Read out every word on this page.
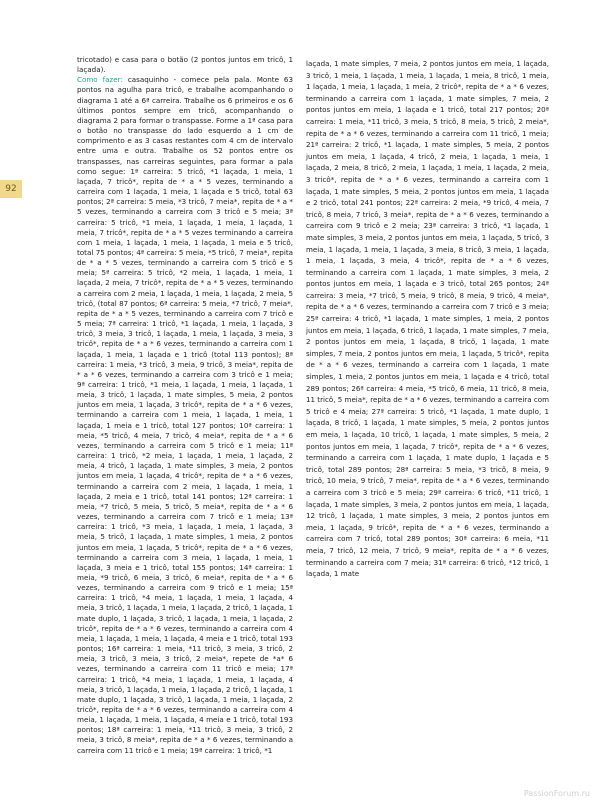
92

tricotado) e casa para o botão (2 pontos juntos em tricô, 1 laçada).

Como fazer: casaquinho - comece pela pala. Monte 63 pontos na agulha para tricô, e trabalhe acompanhando o diagrama 1 até a 6ª carreira. Trabalhe os 6 primeiros e os 6 últimos pontos sempre em tricô, acompanhando o diagrama 2 para formar o transpasse. Forme a 1ª casa para o botão no transpasse do lado esquerdo a 1 cm de comprimento e as 3 casas restantes com 4 cm de intervalo entre uma e outra. Trabalhe os 52 pontos entre os transpasses, nas carreiras seguintes, para formar a pala como segue: 1ª carreira: 5 tricô, *1 laçada, 1 meia, 1 laçada, 7 tricô*, repita de * a * 5 vezes, terminando a carreira com 1 laçada, 1 meia, 1 laçada e 5 tricô, total 63 pontos; 2ª carreira: 5 meia, *3 tricô, 7 meia*, repita de * a * 5 vezes, terminando a carreira com 3 tricô e 5 meia; 3ª carreira: 5 tricô, *1 meia, 1 laçada, 1 meia, 1 laçada, 1 meia, 7 tricô*, repita de * a * 5 vezes terminando a carreira com 1 meia, 1 laçada, 1 meia, 1 laçada, 1 meia e 5 tricô, total 75 pontos; 4ª carreira: 5 meia, *5 tricô, 7 meia*, repita de * a * 5 vezes, terminando a carreira com 5 tricô e 5 meia; 5ª carreira: 5 tricô, *2 meia, 1 laçada, 1 meia, 1 laçada, 2 meia, 7 tricô*, repita de * a * 5 vezes, terminando a carreira com 2 meia, 1 laçada, 1 meia, 1 laçada, 2 meia, 5 tricô, (total 87 pontos; 6ª carreira: 5 meia, *7 tricô, 7 meia*, repita de * a * 5 vezes, terminando a carreira com 7 tricô e 5 meia; 7ª carreira: 1 tricô, *1 laçada, 1 meia, 1 laçada, 3 tricô, 3 meia, 3 tricô, 1 laçada, 1 meia, 1 laçada, 3 meia, 3 tricô*, repita de * a * 6 vezes, terminando a carreira com 1 laçada, 1 meia, 1 laçada e 1 tricô (total 113 pontos); 8ª carreira: 1 meia, *3 tricô, 3 meia, 9 tricô, 3 meia*, repita de * a * 6 vezes, terminando a carreira com 3 tricô e 1 meia; 9ª carreira: 1 tricô, *1 meia, 1 laçada, 1 meia, 1 laçada, 1 meia, 3 tricô, 1 laçada, 1 mate simples, 5 meia, 2 pontos juntos em meia, 1 laçada, 3 tricô*, repita de * a * 6 vezes, terminando a carreira com 1 meia, 1 laçada, 1 meia, 1 laçada, 1 meia e 1 tricô, total 127 pontos; 10ª carreira: 1 meia, *5 tricô, 4 meia, 7 tricô, 4 meia*, repita de * a * 6 vezes, terminando a carreira com 5 tricô e 1 meia; 11ª carreira: 1 tricô, *2 meia, 1 laçada, 1 meia, 1 laçada, 2 meia, 4 tricô, 1 laçada, 1 mate simples, 3 meia, 2 pontos juntos em meia, 1 laçada, 4 tricô*, repita de * a * 6 vezes, terminando a carreira com 2 meia, 1 laçada, 1 meia, 1 laçada, 2 meia e 1 tricô, total 141 pontos; 12ª carreira: 1 meia, *7 tricô, 5 meia, 5 tricô, 5 meia*, repita de * a * 6 vezes, terminando a carreira com 7 tricô e 1 meia; 13ª carreira: 1 tricô, *3 meia, 1 laçada, 1 meia, 1 laçada, 3 meia, 5 tricô, 1 laçada, 1 mate simples, 1 meia, 2 pontos juntos em meia, 1 laçada, 5 tricô*, repita de * a * 6 vezes, terminando a carreira com 3 meia, 1 laçada, 1 meia, 1 laçada, 3 meia e 1 tricô, total 155 pontos; 14ª carreira: 1 meia, *9 tricô, 6 meia, 3 tricô, 6 meia*, repita de * a * 6 vezes, terminando a carreira com 9 tricô e 1 meia; 15ª carreira: 1 tricô, *4 meia, 1 laçada, 1 meia, 1 laçada, 4 meia, 3 tricô, 1 laçada, 1 meia, 1 laçada, 2 tricô, 1 laçada, 1 mate duplo, 1 laçada, 3 tricô, 1 laçada, 1 meia, 1 laçada, 2 tricô*, repita de * a * 6 vezes, terminando a carreira com 4 meia, 1 laçada, 1 meia, 1 laçada, 4 meia e 1 tricô, total 193 pontos; 16ª carreira: 1 meia, *11 tricô, 3 meia, 3 tricô, 2 meia, 3 tricô, 3 meia, 3 tricô, 2 meia*, repete de *a* 6 vezes, terminando a carreira com 11 tricô e meia; 17ª carreira: 1 tricô, *4 meia, 1 laçada, 1 meia, 1 laçada, 4 meia, 3 tricô, 1 laçada, 1 meia, 1 laçada, 2 tricô, 1 laçada, 1 mate duplo, 1 laçada, 3 tricô, 1 laçada, 1 meia, 1 laçada, 2 tricô*, repita de * a * 6 vezes, terminando a carreira com 4 meia, 1 laçada, 1 meia, 1 laçada, 4 meia e 1 tricô, total 193 pontos; 18ª carreira: 1 meia, *11 tricô, 3 meia, 3 tricô, 2 meia, 3 tricô, 8 meia*, repita de * a * 6 vezes, terminando a carreira com 11 tricô e 1 meia; 19ª carreira: 1 tricô, *1

laçada, 1 mate simples, 7 meia, 2 pontos juntos em meia, 1 laçada, 3 tricô, 1 meia, 1 laçada, 1 meia, 1 laçada, 1 meia, 8 tricô, 1 meia, 1 laçada, 1 meia, 1 laçada, 1 meia, 2 tricô*, repita de * a * 6 vezes, terminando a carreira com 1 laçada, 1 mate simples, 7 meia, 2 pontos juntos em meia, 1 laçada e 1 tricô, total 217 pontos; 20ª carreira: 1 meia, *11 tricô, 3 meia, 5 tricô, 8 meia, 5 tricô, 2 meia*, repita de * a * 6 vezes, terminando a carreira com 11 tricô, 1 meia; 21ª carreira: 2 tricô, *1 laçada, 1 mate simples, 5 meia, 2 pontos juntos em meia, 1 laçada, 4 tricô, 2 meia, 1 laçada, 1 meia, 1 laçada, 2 meia, 8 tricô, 2 meia, 1 laçada, 1 meia, 1 laçada, 2 meia, 3 tricô*, repita de * a * 6 vezes, terminando a carreira com 1 laçada, 1 mate simples, 5 meia, 2 pontos juntos em meia, 1 laçada e 2 tricô, total 241 pontos; 22ª carreira: 2 meia, *9 tricô, 4 meia, 7 tricô, 8 meia, 7 tricô, 3 meia*, repita de * a * 6 vezes, terminando a carreira com 9 tricô e 2 meia; 23ª carreira: 3 tricô, *1 laçada, 1 mate simples, 3 meia, 2 pontos juntos em meia, 1 laçada, 5 tricô, 3 meia, 1 laçada, 1 meia, 1 laçada, 3 meia, 8 tricô, 3 meia, 1 laçada, 1 meia, 1 laçada, 3 meia, 4 tricô*, repita de * a * 6 vezes, terminando a carreira com 1 laçada, 1 mate simples, 3 meia, 2 pontos juntos em meia, 1 laçada e 3 tricô, total 265 pontos; 24ª carreira: 3 meia, *7 tricô, 5 meia, 9 tricô, 8 meia, 9 tricô, 4 meia*, repita de * a * 6 vezes, terminando a carreira com 7 tricô e 3 meia; 25ª carreira: 4 tricô, *1 laçada, 1 mate simples, 1 meia, 2 pontos juntos em meia, 1 laçada, 6 tricô, 1 laçada, 1 mate simples, 7 meia, 2 pontos juntos em meia, 1 laçada, 8 tricô, 1 laçada, 1 mate simples, 7 meia, 2 pontos juntos em meia, 1 laçada, 5 tricô*, repita de * a * 6 vezes, terminando a carreira com 1 laçada, 1 mate simples, 1 meia, 2 pontos juntos em meia, 1 laçada e 4 tricô, total 289 pontos; 26ª carreira: 4 meia, *5 tricô, 6 meia, 11 tricô, 8 meia, 11 tricô, 5 meia*, repita de * a * 6 vezes, terminando a carreira com 5 tricô e 4 meia; 27ª carreira: 5 tricô, *1 laçada, 1 mate duplo, 1 laçada, 8 tricô, 1 laçada, 1 mate simples, 5 meia, 2 pontos juntos em meia, 1 laçada, 10 tricô, 1 laçada, 1 mate simples, 5 meia, 2 pontos juntos em meia, 1 laçada, 7 tricô*, repita de * a * 6 vezes, terminando a carreira com 1 laçada, 1 mate duplo, 1 laçada e 5 tricô, total 289 pontos; 28ª carreira: 5 meia, *3 tricô, 8 meia, 9 tricô, 10 meia, 9 tricô, 7 meia*, repita de * a * 6 vezes, terminando a carreira com 3 tricô e 5 meia; 29ª carreira: 6 tricô, *11 tricô, 1 laçada, 1 mate simples, 3 meia, 2 pontos juntos em meia, 1 laçada, 12 tricô, 1 laçada, 1 mate simples, 3 meia, 2 pontos juntos em meia, 1 laçada, 9 tricô*, repita de * a * 6 vezes, terminando a carreira com 7 tricô, total 289 pontos; 30ª carreira: 6 meia, *11 meia, 7 tricô, 12 meia, 7 tricô, 9 meia*, repita de * a * 6 vezes, terminando a carreira com 7 meia; 31ª carreira: 6 tricô, *12 tricô, 1 laçada, 1 mate

PassionForum.ru
